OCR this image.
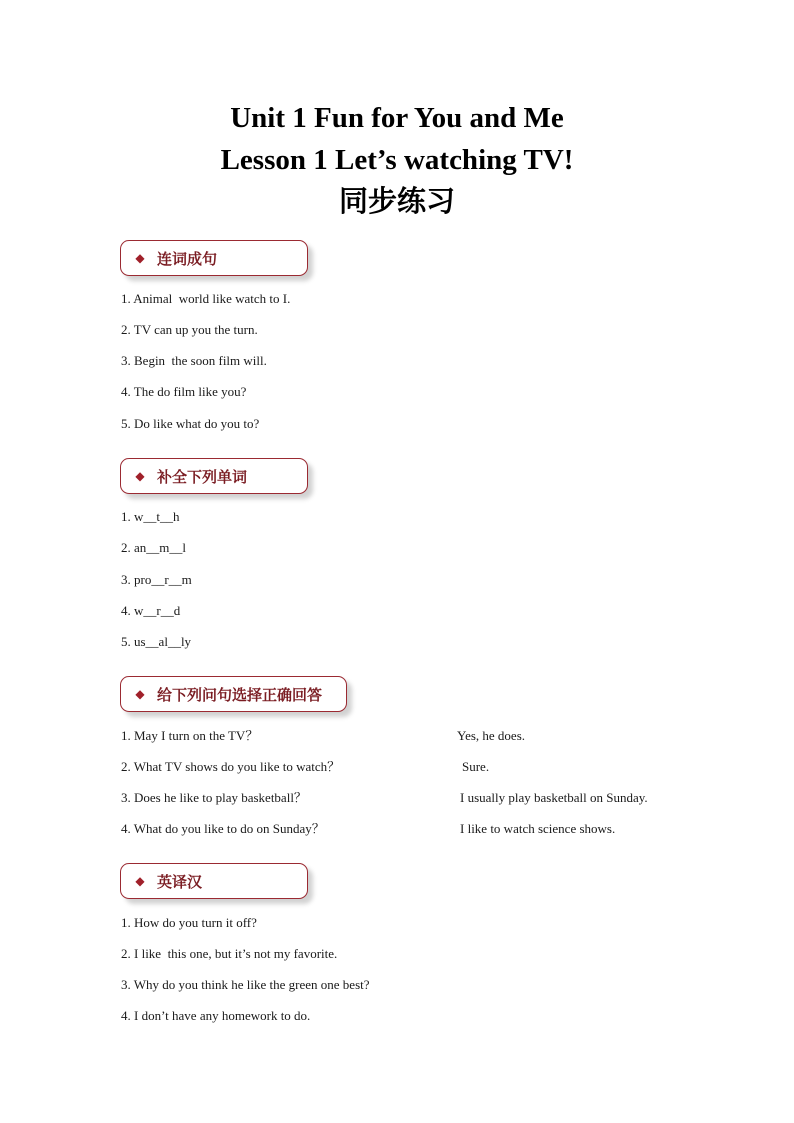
Unit 1 Fun for You and Me
Lesson 1 Let’s watching TV!
同步练习
◆ 连词成句
1. Animal  world like watch to I.
2. TV can up you the turn.
3. Begin  the soon film will.
4. The do film like you?
5. Do like what do you to?
◆ 补全下列单词
1. w__t__h
2. an__m__l
3. pro__r__m
4. w__r__d
5. us__al__ly
◆ 给下列问句选择正确回答
1. May I turn on the TV？
2. What TV shows do you like to watch？
3. Does he like to play basketball？
4. What do you like to do on Sunday？
Yes, he does.
Sure.
I usually play basketball on Sunday.
I like to watch science shows.
◆ 英译汉
1. How do you turn it off?
2. I like  this one, but it’s not my favorite.
3. Why do you think he like the green one best?
4. I don’t have any homework to do.
